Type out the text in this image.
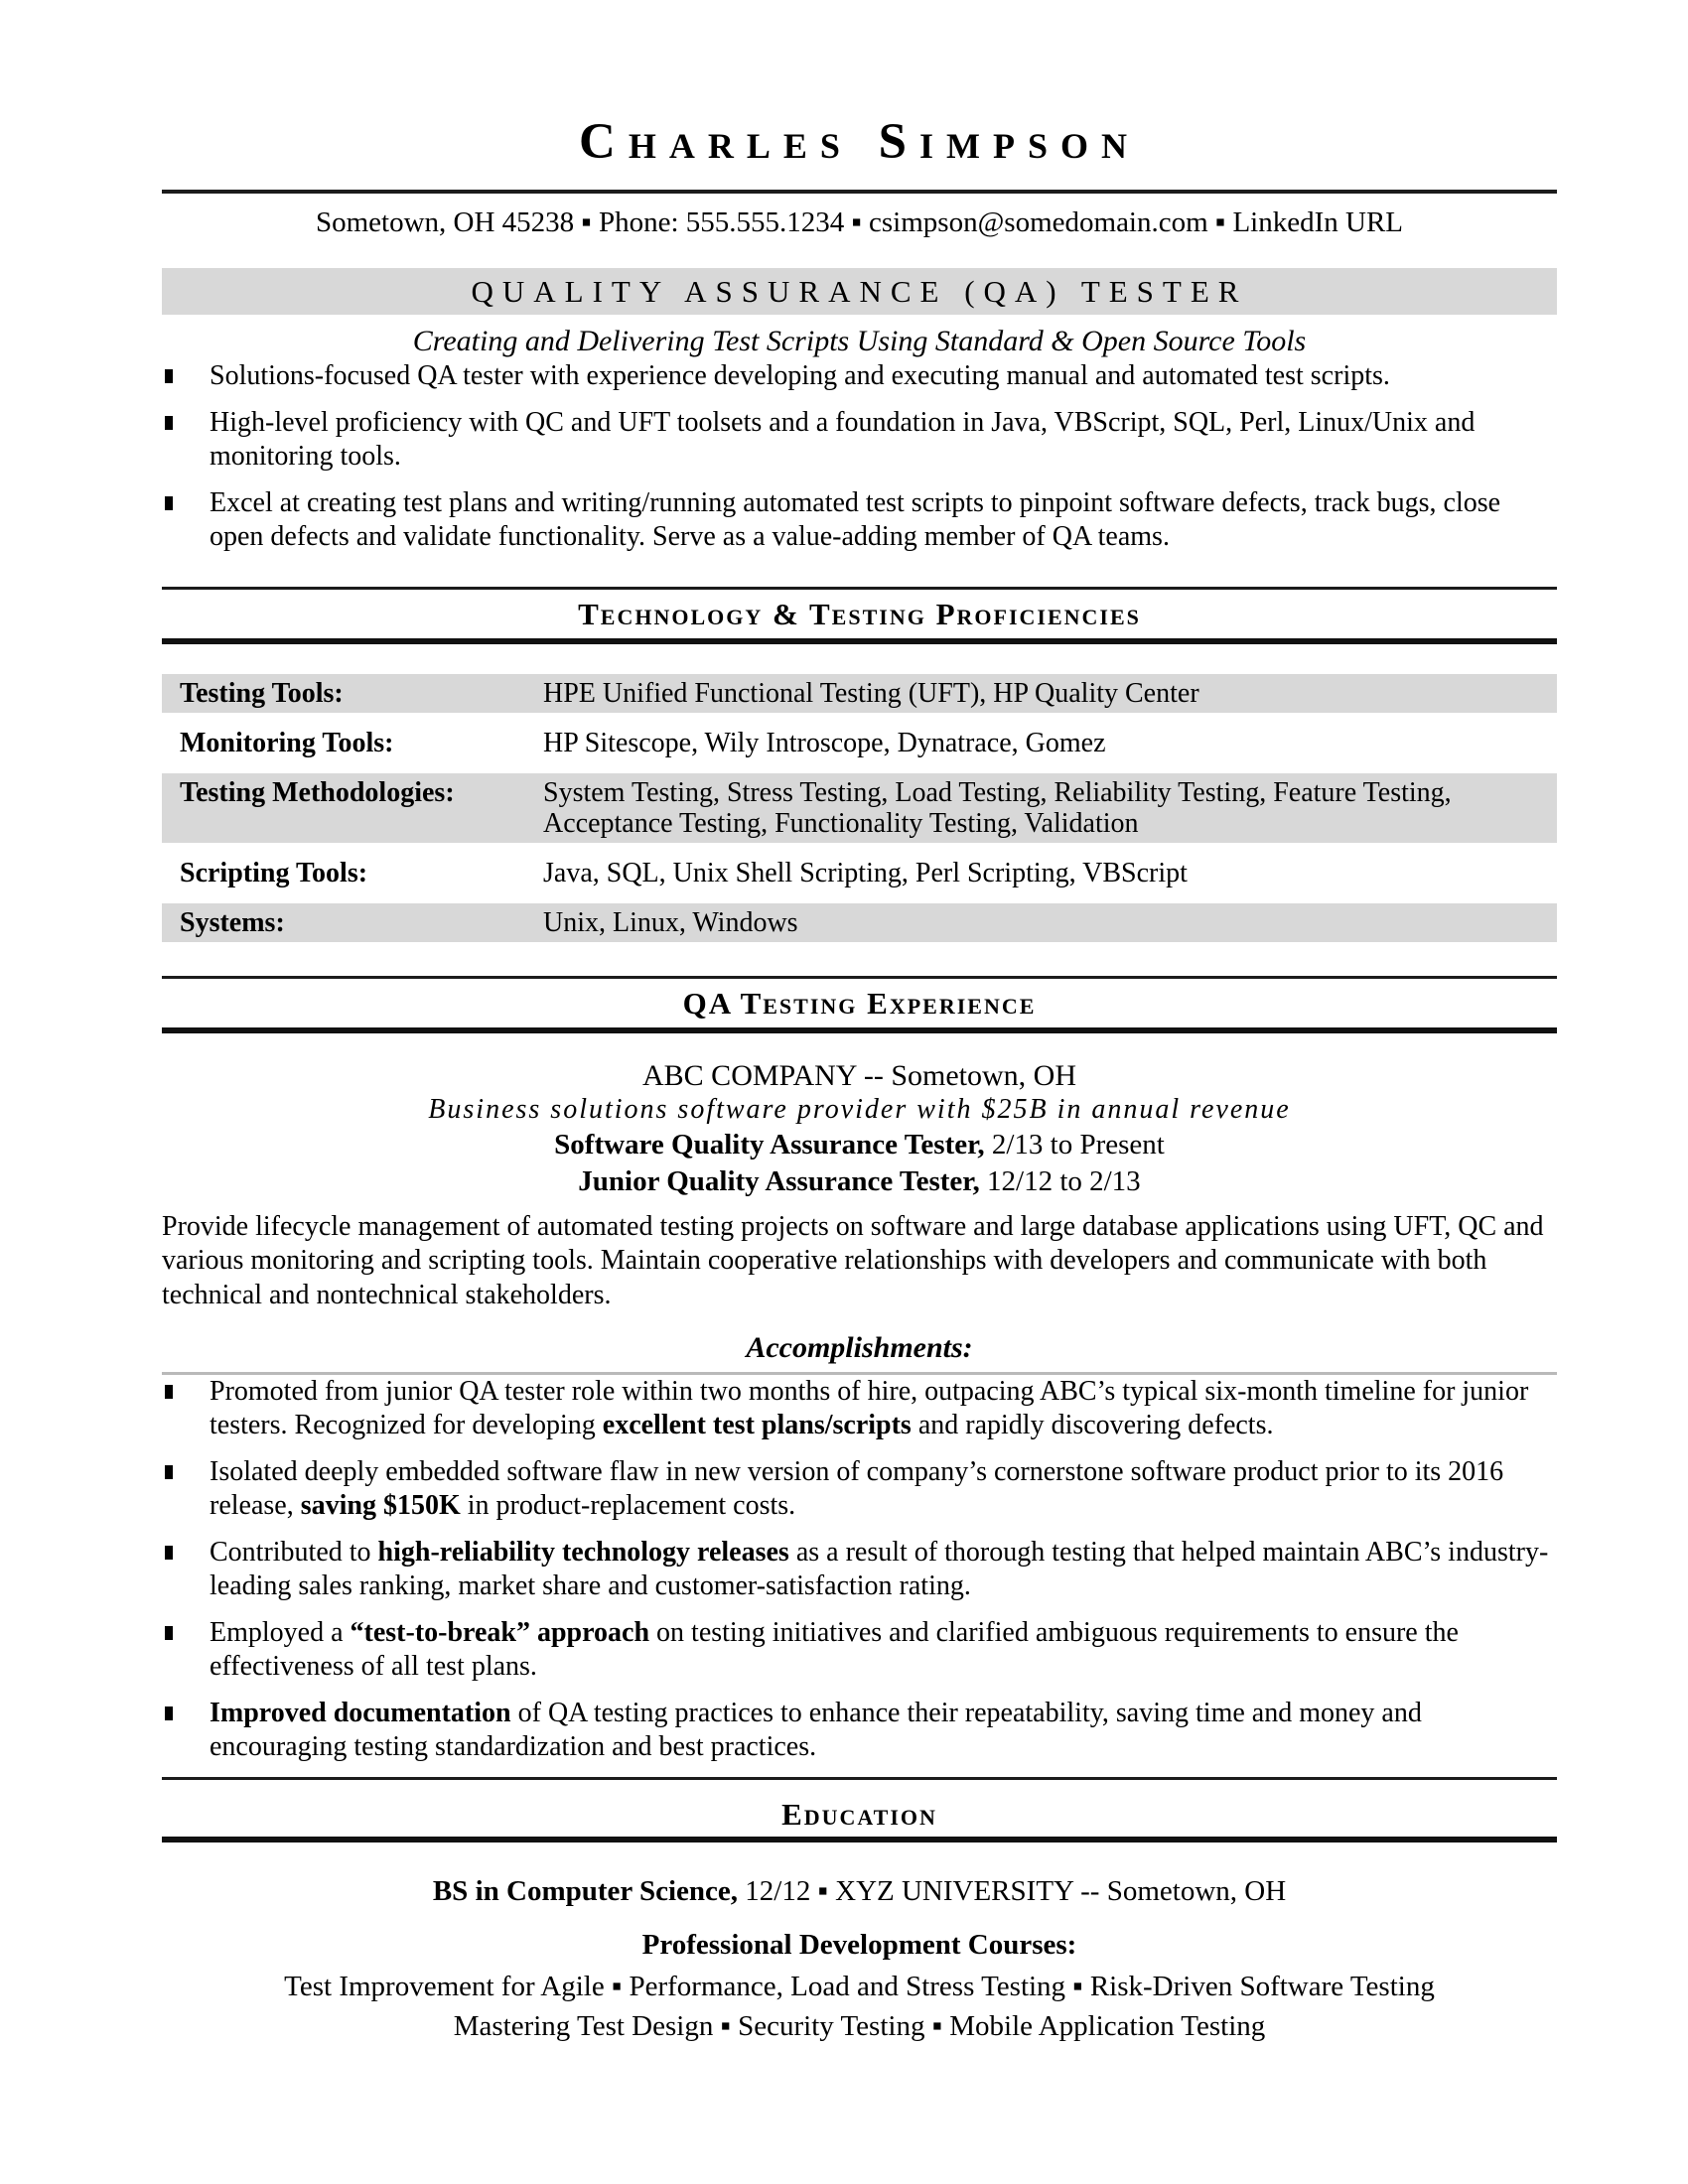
Charles Simpson
Sometown, OH 45238 ▪ Phone: 555.555.1234 ▪ csimpson@somedomain.com ▪ LinkedIn URL
QUALITY ASSURANCE (QA) TESTER
Creating and Delivering Test Scripts Using Standard & Open Source Tools
Solutions-focused QA tester with experience developing and executing manual and automated test scripts.
High-level proficiency with QC and UFT toolsets and a foundation in Java, VBScript, SQL, Perl, Linux/Unix and monitoring tools.
Excel at creating test plans and writing/running automated test scripts to pinpoint software defects, track bugs, close open defects and validate functionality. Serve as a value-adding member of QA teams.
Technology & Testing Proficiencies
Testing Tools:	HPE Unified Functional Testing (UFT), HP Quality Center
Monitoring Tools:	HP Sitescope, Wily Introscope, Dynatrace, Gomez
Testing Methodologies:	System Testing, Stress Testing, Load Testing, Reliability Testing, Feature Testing, Acceptance Testing, Functionality Testing, Validation
Scripting Tools:	Java, SQL, Unix Shell Scripting, Perl Scripting, VBScript
Systems:	Unix, Linux, Windows
QA Testing Experience
ABC COMPANY -- Sometown, OH
Business solutions software provider with $25B in annual revenue
Software Quality Assurance Tester, 2/13 to Present
Junior Quality Assurance Tester, 12/12 to 2/13
Provide lifecycle management of automated testing projects on software and large database applications using UFT, QC and various monitoring and scripting tools. Maintain cooperative relationships with developers and communicate with both technical and nontechnical stakeholders.
Accomplishments:
Promoted from junior QA tester role within two months of hire, outpacing ABC’s typical six-month timeline for junior testers. Recognized for developing excellent test plans/scripts and rapidly discovering defects.
Isolated deeply embedded software flaw in new version of company’s cornerstone software product prior to its 2016 release, saving $150K in product-replacement costs.
Contributed to high-reliability technology releases as a result of thorough testing that helped maintain ABC’s industry-leading sales ranking, market share and customer-satisfaction rating.
Employed a “test-to-break” approach on testing initiatives and clarified ambiguous requirements to ensure the effectiveness of all test plans.
Improved documentation of QA testing practices to enhance their repeatability, saving time and money and encouraging testing standardization and best practices.
Education
BS in Computer Science, 12/12 ▪ XYZ UNIVERSITY -- Sometown, OH
Professional Development Courses:
Test Improvement for Agile ▪ Performance, Load and Stress Testing ▪ Risk-Driven Software Testing
Mastering Test Design ▪ Security Testing ▪ Mobile Application Testing
